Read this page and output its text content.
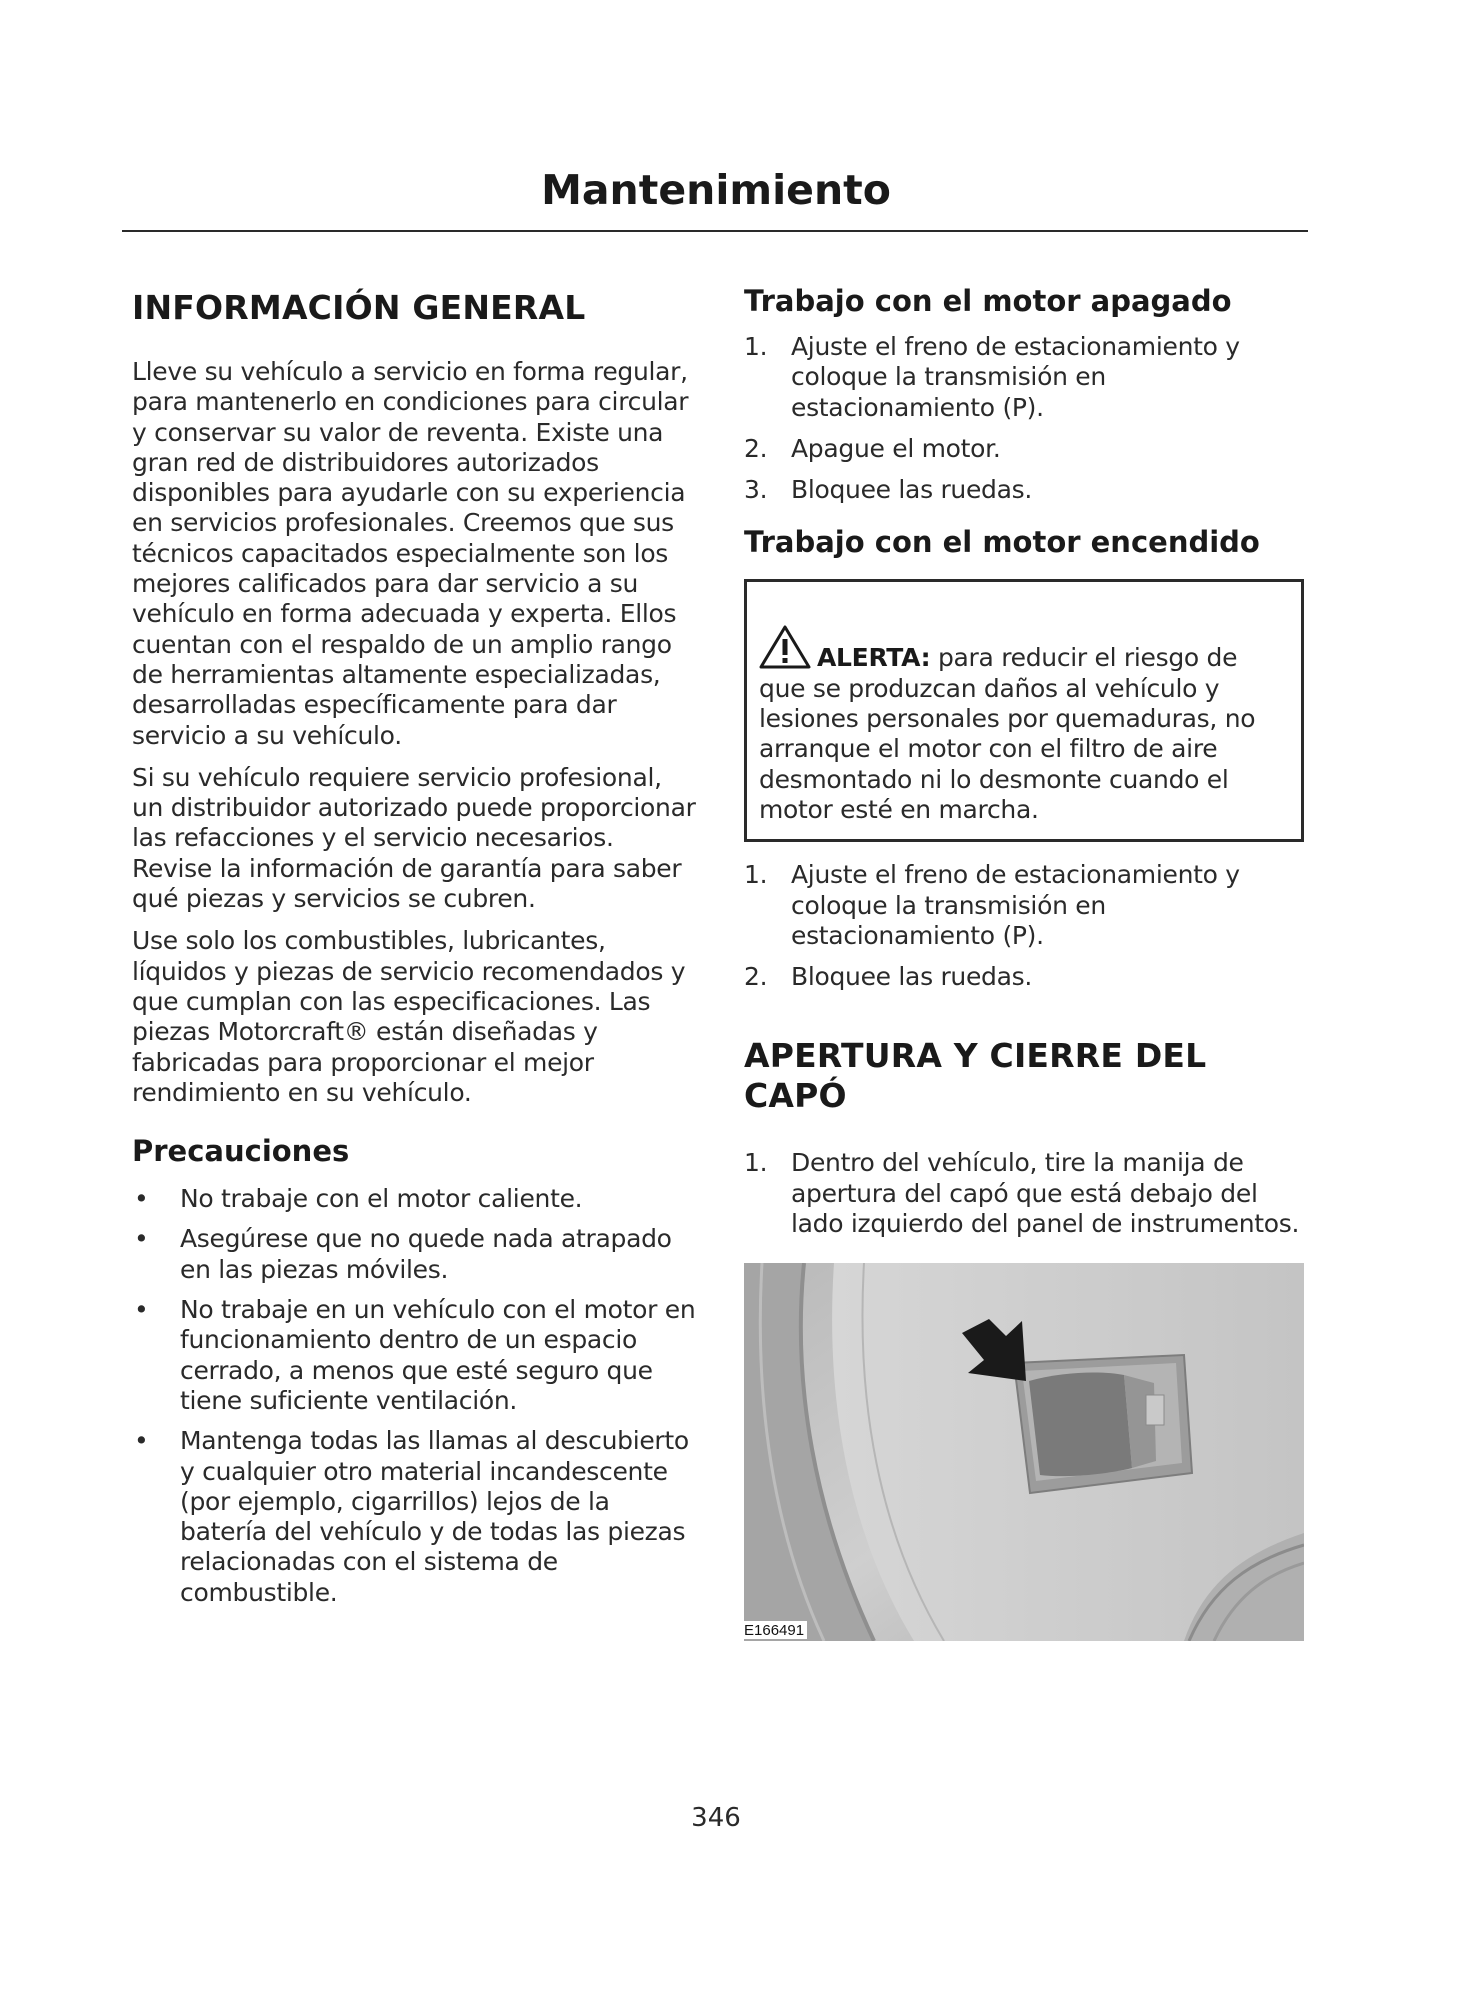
Mantenimiento
INFORMACIÓN GENERAL
Lleve su vehículo a servicio en forma regular, para mantenerlo en condiciones para circular y conservar su valor de reventa. Existe una gran red de distribuidores autorizados disponibles para ayudarle con su experiencia en servicios profesionales. Creemos que sus técnicos capacitados especialmente son los mejores calificados para dar servicio a su vehículo en forma adecuada y experta. Ellos cuentan con el respaldo de un amplio rango de herramientas altamente especializadas, desarrolladas específicamente para dar servicio a su vehículo.
Si su vehículo requiere servicio profesional, un distribuidor autorizado puede proporcionar las refacciones y el servicio necesarios. Revise la información de garantía para saber qué piezas y servicios se cubren.
Use solo los combustibles, lubricantes, líquidos y piezas de servicio recomendados y que cumplan con las especificaciones. Las piezas Motorcraft® están diseñadas y fabricadas para proporcionar el mejor rendimiento en su vehículo.
Precauciones
• No trabaje con el motor caliente.
• Asegúrese que no quede nada atrapado en las piezas móviles.
• No trabaje en un vehículo con el motor en funcionamiento dentro de un espacio cerrado, a menos que esté seguro que tiene suficiente ventilación.
• Mantenga todas las llamas al descubierto y cualquier otro material incandescente (por ejemplo, cigarrillos) lejos de la batería del vehículo y de todas las piezas relacionadas con el sistema de combustible.
Trabajo con el motor apagado
1. Ajuste el freno de estacionamiento y coloque la transmisión en estacionamiento (P).
2. Apague el motor.
3. Bloquee las ruedas.
Trabajo con el motor encendido
ALERTA: para reducir el riesgo de que se produzcan daños al vehículo y lesiones personales por quemaduras, no arranque el motor con el filtro de aire desmontado ni lo desmonte cuando el motor esté en marcha.
1. Ajuste el freno de estacionamiento y coloque la transmisión en estacionamiento (P).
2. Bloquee las ruedas.
APERTURA Y CIERRE DEL CAPÓ
1. Dentro del vehículo, tire la manija de apertura del capó que está debajo del lado izquierdo del panel de instrumentos.
E166491
346
